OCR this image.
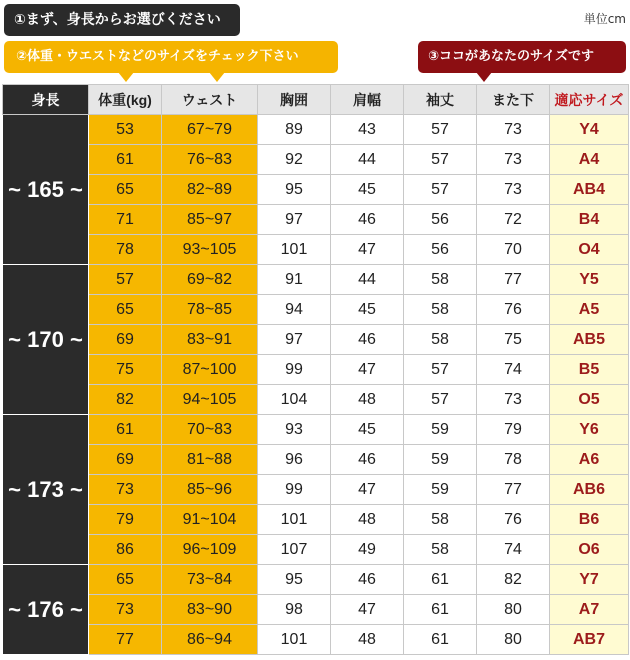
①まず、身長からお選びください	単位cm
②体重・ウエストなどのサイズをチェック下さい	③ココがあなたのサイズです
身長	体重(kg)	ウェスト	胸囲	肩幅	袖丈	また下	適応サイズ
~ 165 ~	53	67~79	89	43	57	73	Y4
	61	76~83	92	44	57	73	A4
	65	82~89	95	45	57	73	AB4
	71	85~97	97	46	56	72	B4
	78	93~105	101	47	56	70	O4
~ 170 ~	57	69~82	91	44	58	77	Y5
	65	78~85	94	45	58	76	A5
	69	83~91	97	46	58	75	AB5
	75	87~100	99	47	57	74	B5
	82	94~105	104	48	57	73	O5
~ 173 ~	61	70~83	93	45	59	79	Y6
	69	81~88	96	46	59	78	A6
	73	85~96	99	47	59	77	AB6
	79	91~104	101	48	58	76	B6
	86	96~109	107	49	58	74	O6
~ 176 ~	65	73~84	95	46	61	82	Y7
	73	83~90	98	47	61	80	A7
	77	86~94	101	48	61	80	AB7
